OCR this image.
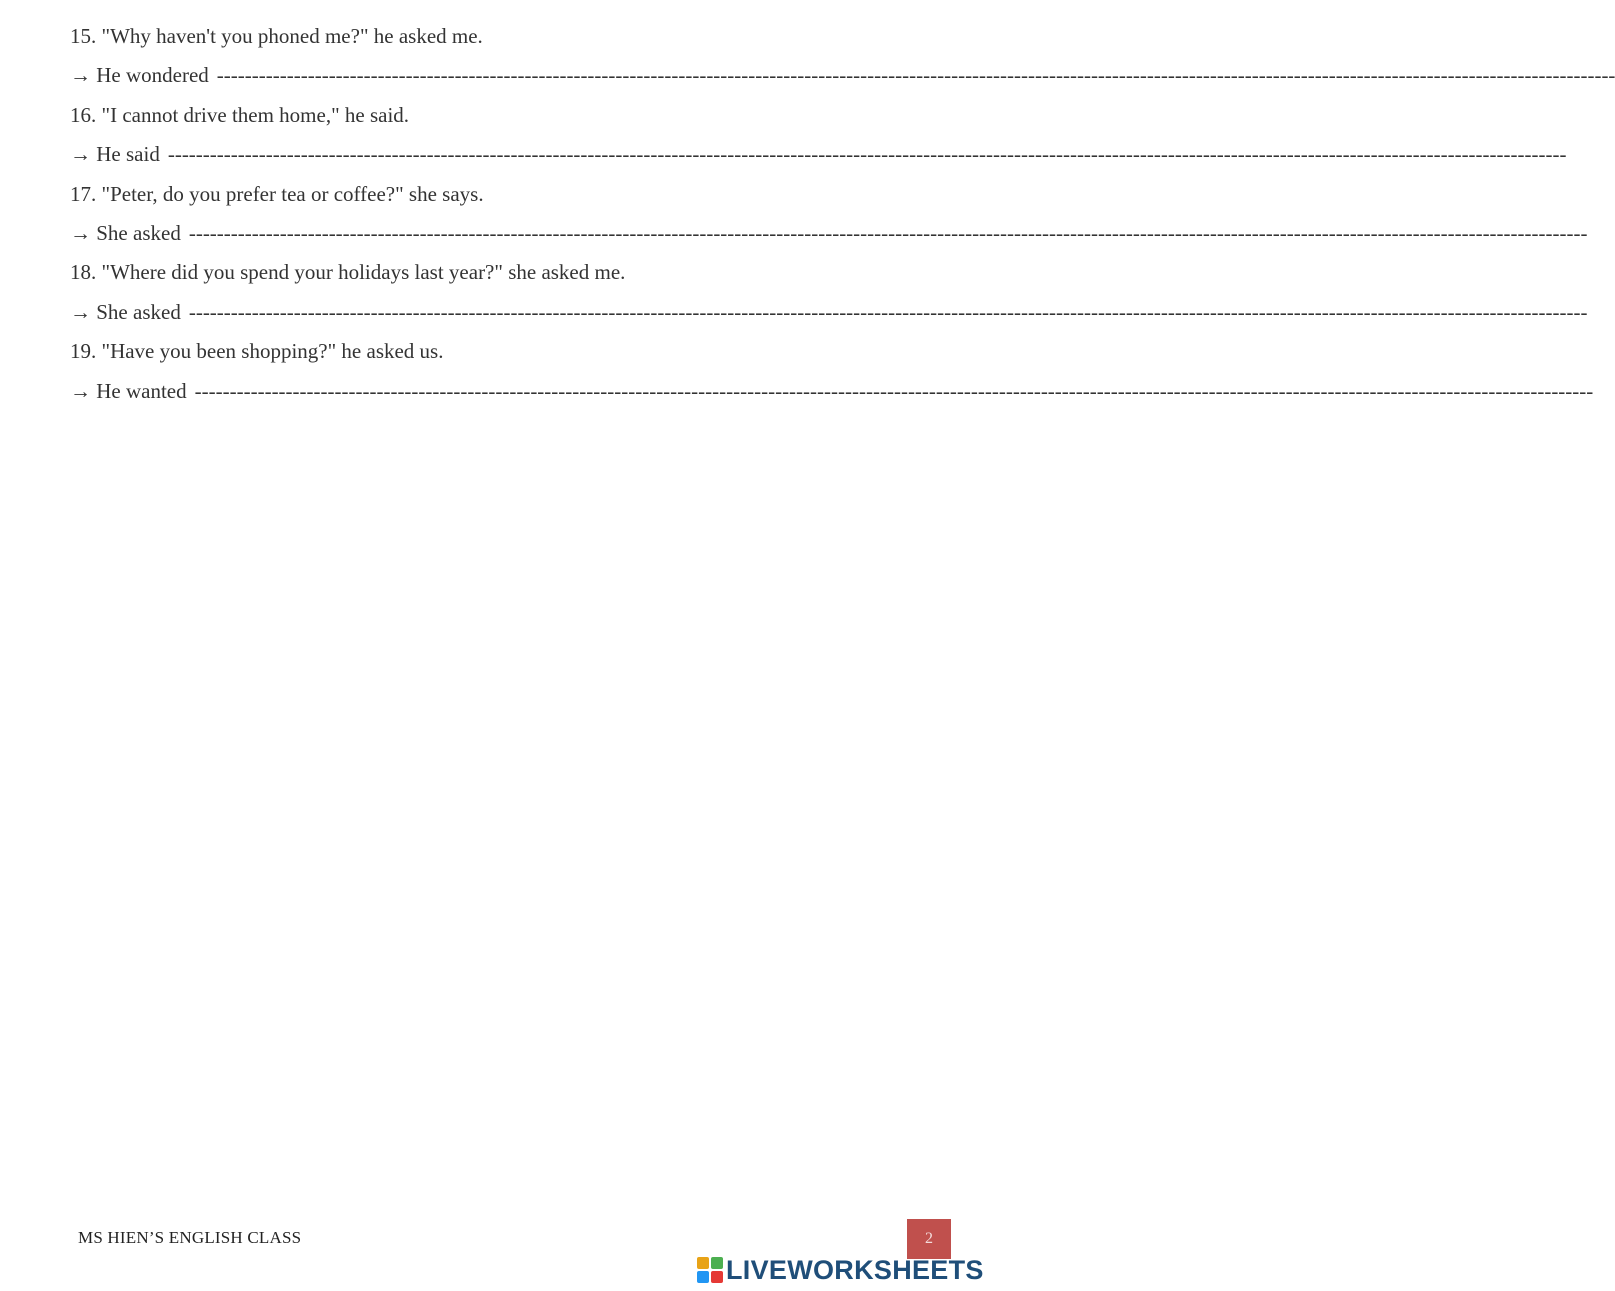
15. "Why haven't you phoned me?" he asked me.
→ He wondered --------------------------------------------------------------------------------------------------------------------------------------------------------------------------------------------------------
16. "I cannot drive them home," he said.
→ He said --------------------------------------------------------------------------------------------------------------------------------------------------------------------------------------------------------
17. "Peter, do you prefer tea or coffee?" she says.
→ She asked --------------------------------------------------------------------------------------------------------------------------------------------------------------------------------------------------------
18. "Where did you spend your holidays last year?" she asked me.
→ She asked --------------------------------------------------------------------------------------------------------------------------------------------------------------------------------------------------------
19. "Have you been shopping?" he asked us.
→ He wanted --------------------------------------------------------------------------------------------------------------------------------------------------------------------------------------------------------
MS HIEN’S ENGLISH CLASS	2
LIVEWORKSHEETS
